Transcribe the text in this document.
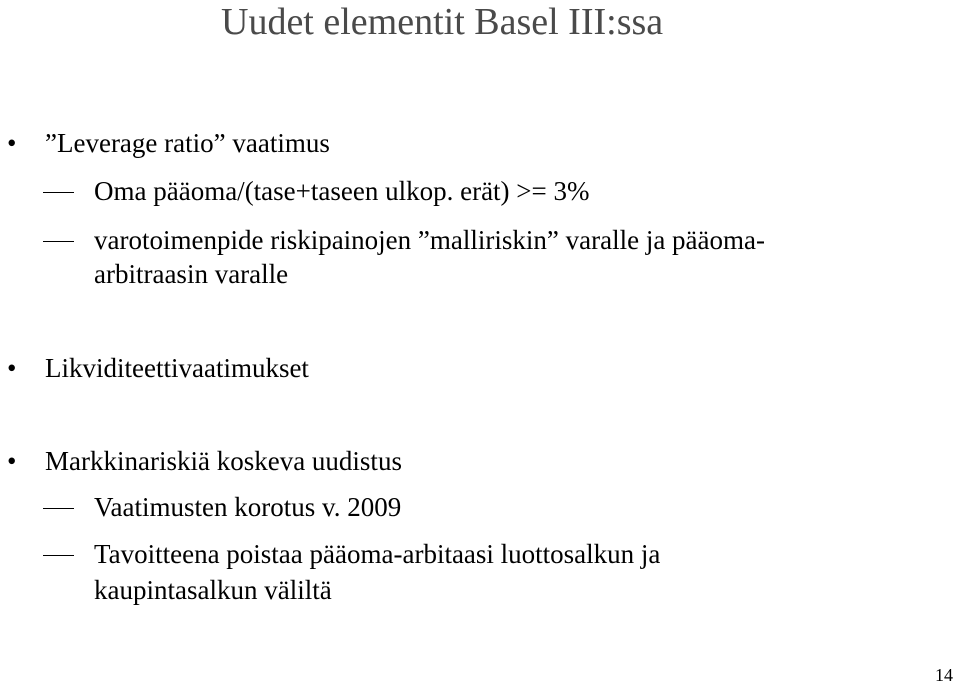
Uudet elementit Basel III:ssa
• ”Leverage ratio” vaatimus
Oma pääoma/(tase+taseen ulkop. erät) >= 3%
varotoimenpide riskipainojen ”malliriskin” varalle ja pääoma-
arbitraasin varalle
• Likviditeettivaatimukset
• Markkinariskiä koskeva uudistus
Vaatimusten korotus v. 2009
Tavoitteena poistaa pääoma-arbitaasi luottosalkun ja
kaupintasalkun väliltä
14
